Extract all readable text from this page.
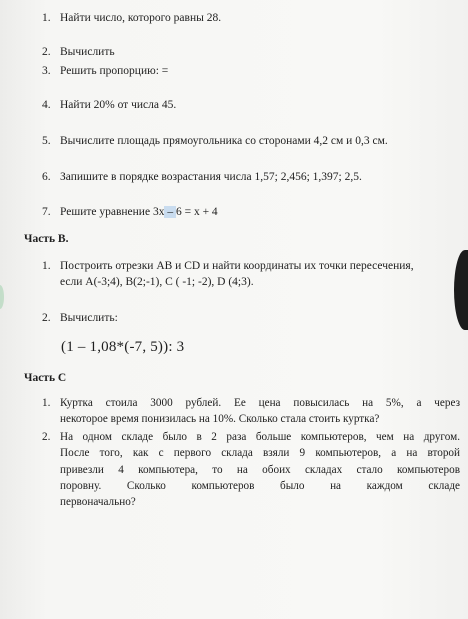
1. Найти число, которого равны 28.
2. Вычислить
3. Решить пропорцию: =
4. Найти 20% от числа 45.
5. Вычислите площадь прямоугольника со сторонами 4,2 см и 0,3 см.
6. Запишите в порядке возрастания числа 1,57; 2,456; 1,397; 2,5.
7. Решите уравнение 3х – 6 = х + 4
Часть В.
1. Построить отрезки АВ и СD и найти координаты их точки пересечения,
если А(-3;4), В(2;-1), С ( -1; -2), D (4;3).
2. Вычислить:
(1 – 1,08*(-7, 5)): 3
Часть С
1. Куртка стоила 3000 рублей. Ее цена повысилась на 5%, а через
некоторое время понизилась на 10%. Сколько стала стоить куртка?
2. На одном складе было в 2 раза больше компьютеров, чем на другом.
После того, как с первого склада взяли 9 компьютеров, а на второй
привезли 4 компьютера, то на обоих складах стало компьютеров
поровну. Сколько компьютеров было на каждом складе
первоначально?
